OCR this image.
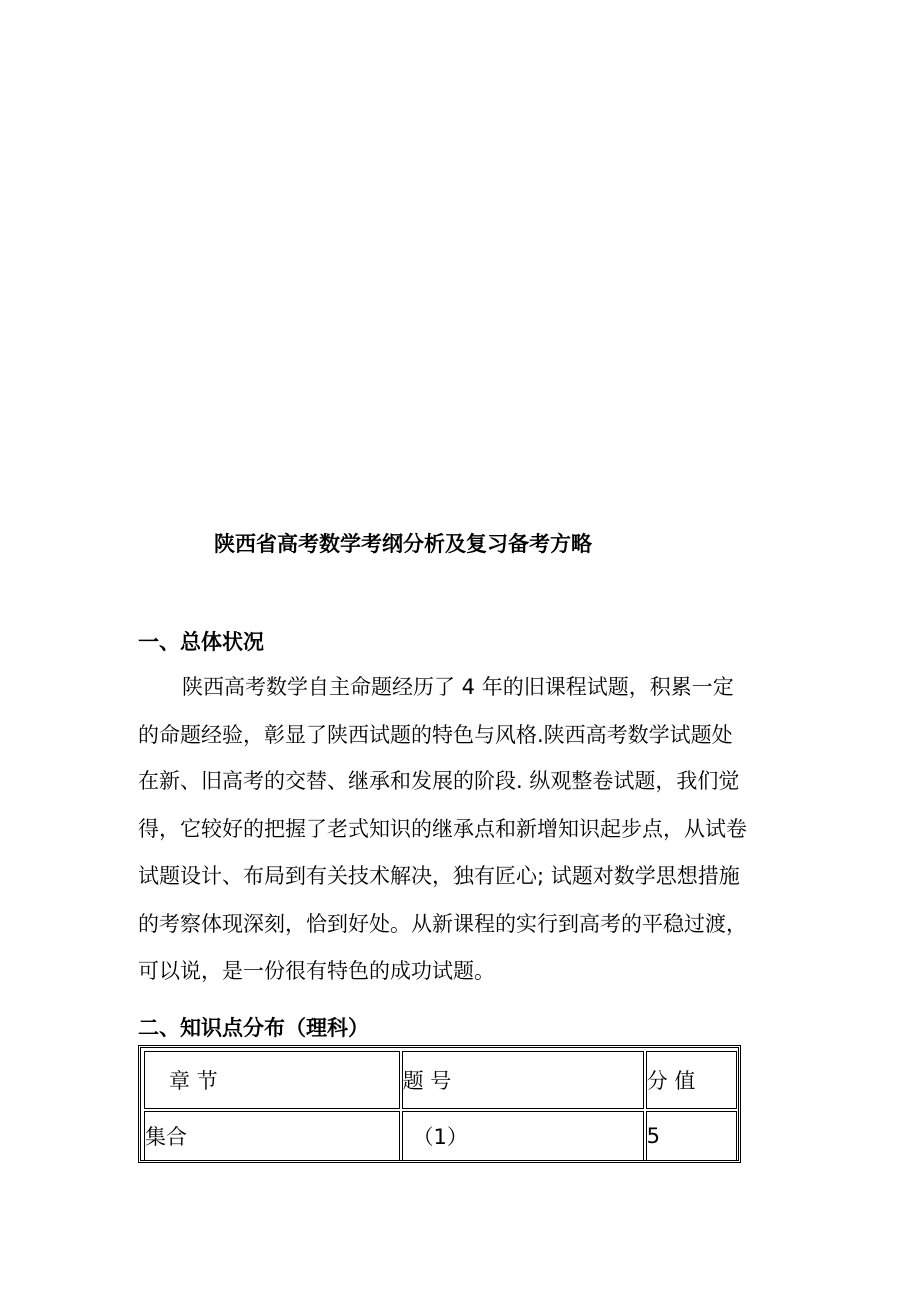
陕西省高考数学考纲分析及复习备考方略
一、总体状况
陕西高考数学自主命题经历了 4 年的旧课程试题，积累一定
的命题经验，彰显了陕西试题的特色与风格.陕西高考数学试题处
在新、旧高考的交替、继承和发展的阶段. 纵观整卷试题，我们觉
得，它较好的把握了老式知识的继承点和新增知识起步点，从试卷
试题设计、布局到有关技术解决，独有匠心; 试题对数学思想措施
的考察体现深刻，恰到好处。从新课程的实行到高考的平稳过渡，
可以说，是一份很有特色的成功试题。
二、知识点分布（理科）
章 节	题 号	分 值
集合	（1）	5
